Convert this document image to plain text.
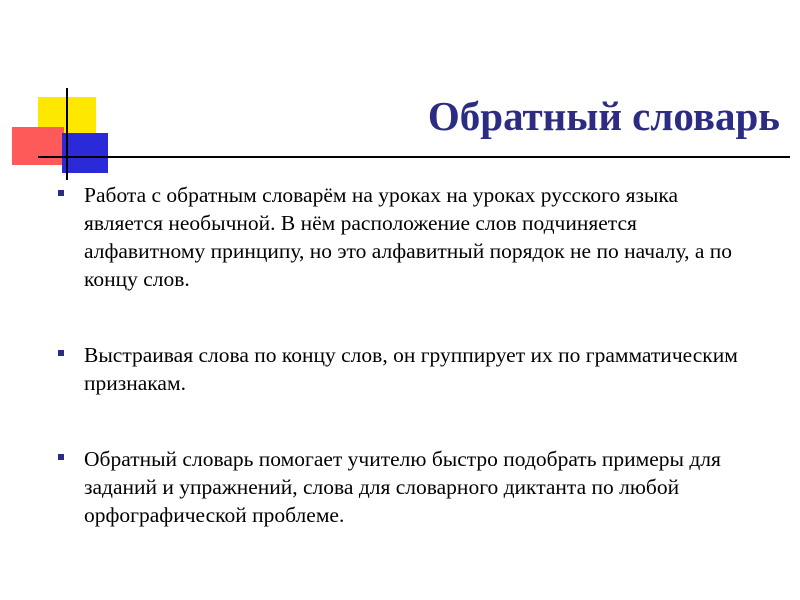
Обратный словарь
Работа с обратным словарём на уроках на уроках русского языка является необычной. В нём расположение слов подчиняется алфавитному принципу, но это алфавитный порядок не по началу, а по концу слов.
Выстраивая слова по концу слов, он группирует их по грамматическим признакам.
Обратный словарь помогает учителю быстро подобрать примеры для заданий и упражнений, слова для словарного диктанта по любой орфографической проблеме.
